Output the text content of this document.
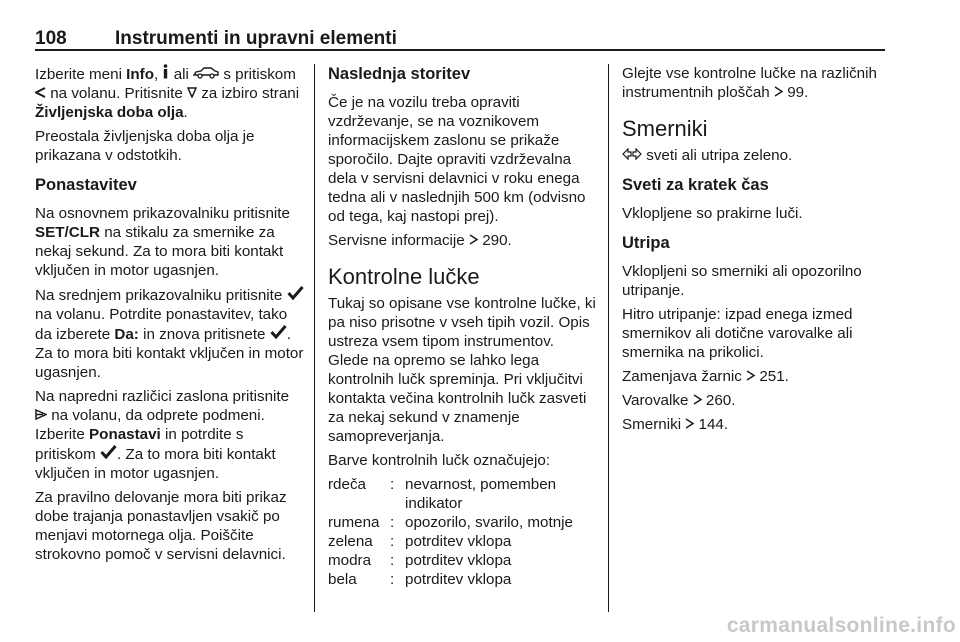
108	Instrumenti in upravni elementi

Izberite meni Info,  ali  s pritiskom  na volanu. Pritisnite  za izbiro strani Življenjska doba olja.

Preostala življenjska doba olja je prikazana v odstotkih.

Ponastavitev

Na osnovnem prikazovalniku pritisnite SET/CLR na stikalu za smernike za nekaj sekund. Za to mora biti kontakt vključen in motor ugasnjen.

Na srednjem prikazovalniku pritisnite  na volanu. Potrdite ponastavitev, tako da izberete Da: in znova pritisnete . Za to mora biti kontakt vključen in motor ugasnjen.

Na napredni različici zaslona pritisnite  na volanu, da odprete podmeni. Izberite Ponastavi in potrdite s pritiskom . Za to mora biti kontakt vključen in motor ugasnjen.

Za pravilno delovanje mora biti prikaz dobe trajanja ponastavljen vsakič po menjavi motornega olja. Poiščite strokovno pomoč v servisni delavnici.

Naslednja storitev

Če je na vozilu treba opraviti vzdrževanje, se na voznikovem informacijskem zaslonu se prikaže sporočilo. Dajte opraviti vzdrževalna dela v servisni delavnici v roku enega tedna ali v naslednjih 500 km (odvisno od tega, kaj nastopi prej).

Servisne informacije  290.

Kontrolne lučke

Tukaj so opisane vse kontrolne lučke, ki pa niso prisotne v vseh tipih vozil. Opis ustreza vsem tipom instrumentov. Glede na opremo se lahko lega kontrolnih lučk spreminja. Pri vključitvi kontakta večina kontrolnih lučk zasveti za nekaj sekund v znamenje samopreverjanja.

Barve kontrolnih lučk označujejo:

rdeča	:	nevarnost, pomemben indikator
rumena	:	opozorilo, svarilo, motnje
zelena	:	potrditev vklopa
modra	:	potrditev vklopa
bela	:	potrditev vklopa

Glejte vse kontrolne lučke na različnih instrumentnih ploščah  99.

Smerniki

sveti ali utripa zeleno.

Sveti za kratek čas

Vklopljene so prakirne luči.

Utripa

Vklopljeni so smerniki ali opozorilno utripanje.

Hitro utripanje: izpad enega izmed smernikov ali dotične varovalke ali smernika na prikolici.

Zamenjava žarnic  251.

Varovalke  260.

Smerniki  144.

carmanualsonline.info
